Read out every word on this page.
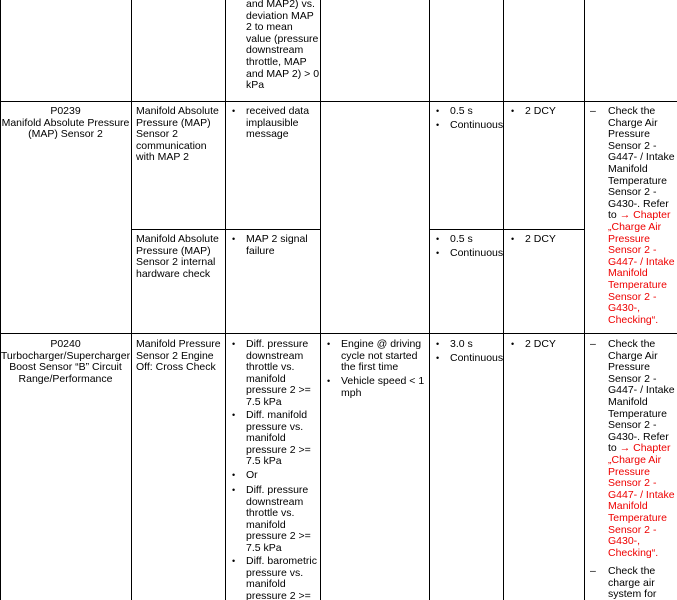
and MAP2) vs.
deviation MAP
2 to mean
value (pressure
downstream
throttle, MAP
and MAP 2) > 0
kPa
P0239
Manifold Absolute Pressure (MAP) Sensor 2
Manifold Absolute
Pressure (MAP)
Sensor 2
communication
with MAP 2
• received data
implausible
message
• 0.5 s
• Continuous
• 2 DCY	– Check the
Charge Air
Pressure
Sensor 2 -
G447- / Intake
Manifold
Temperature
Sensor 2 -
G430-. Refer
to → Chapter
„Charge Air
Pressure
Sensor 2 -
G447- / Intake
Manifold
Temperature
Sensor 2 -
G430-,
Checking“.
Manifold Absolute
Pressure (MAP)
Sensor 2 internal
hardware check
• MAP 2 signal
failure
• 0.5 s
• Continuous
• 2 DCY
P0240
Turbocharger/Supercharger
Boost Sensor “B” Circuit
Range/Performance
Manifold Pressure
Sensor 2 Engine
Off: Cross Check
• Diff. pressure
downstream
throttle vs.
manifold
pressure 2 >=
7.5 kPa
• Diff. manifold
pressure vs.
manifold
pressure 2 >=
7.5 kPa
• Or
• Diff. pressure
downstream
throttle vs.
manifold
pressure 2 >=
7.5 kPa
• Diff. barometric
pressure vs.
manifold
pressure 2 >=
• Engine @ driving
cycle not started
the first time
• Vehicle speed < 1
mph
• 3.0 s
• Continuous
• 2 DCY	– Check the
Charge Air
Pressure
Sensor 2 -
G447- / Intake
Manifold
Temperature
Sensor 2 -
G430-. Refer
to → Chapter
„Charge Air
Pressure
Sensor 2 -
G447- / Intake
Manifold
Temperature
Sensor 2 -
G430-,
Checking“.
– Check the
charge air
system for
